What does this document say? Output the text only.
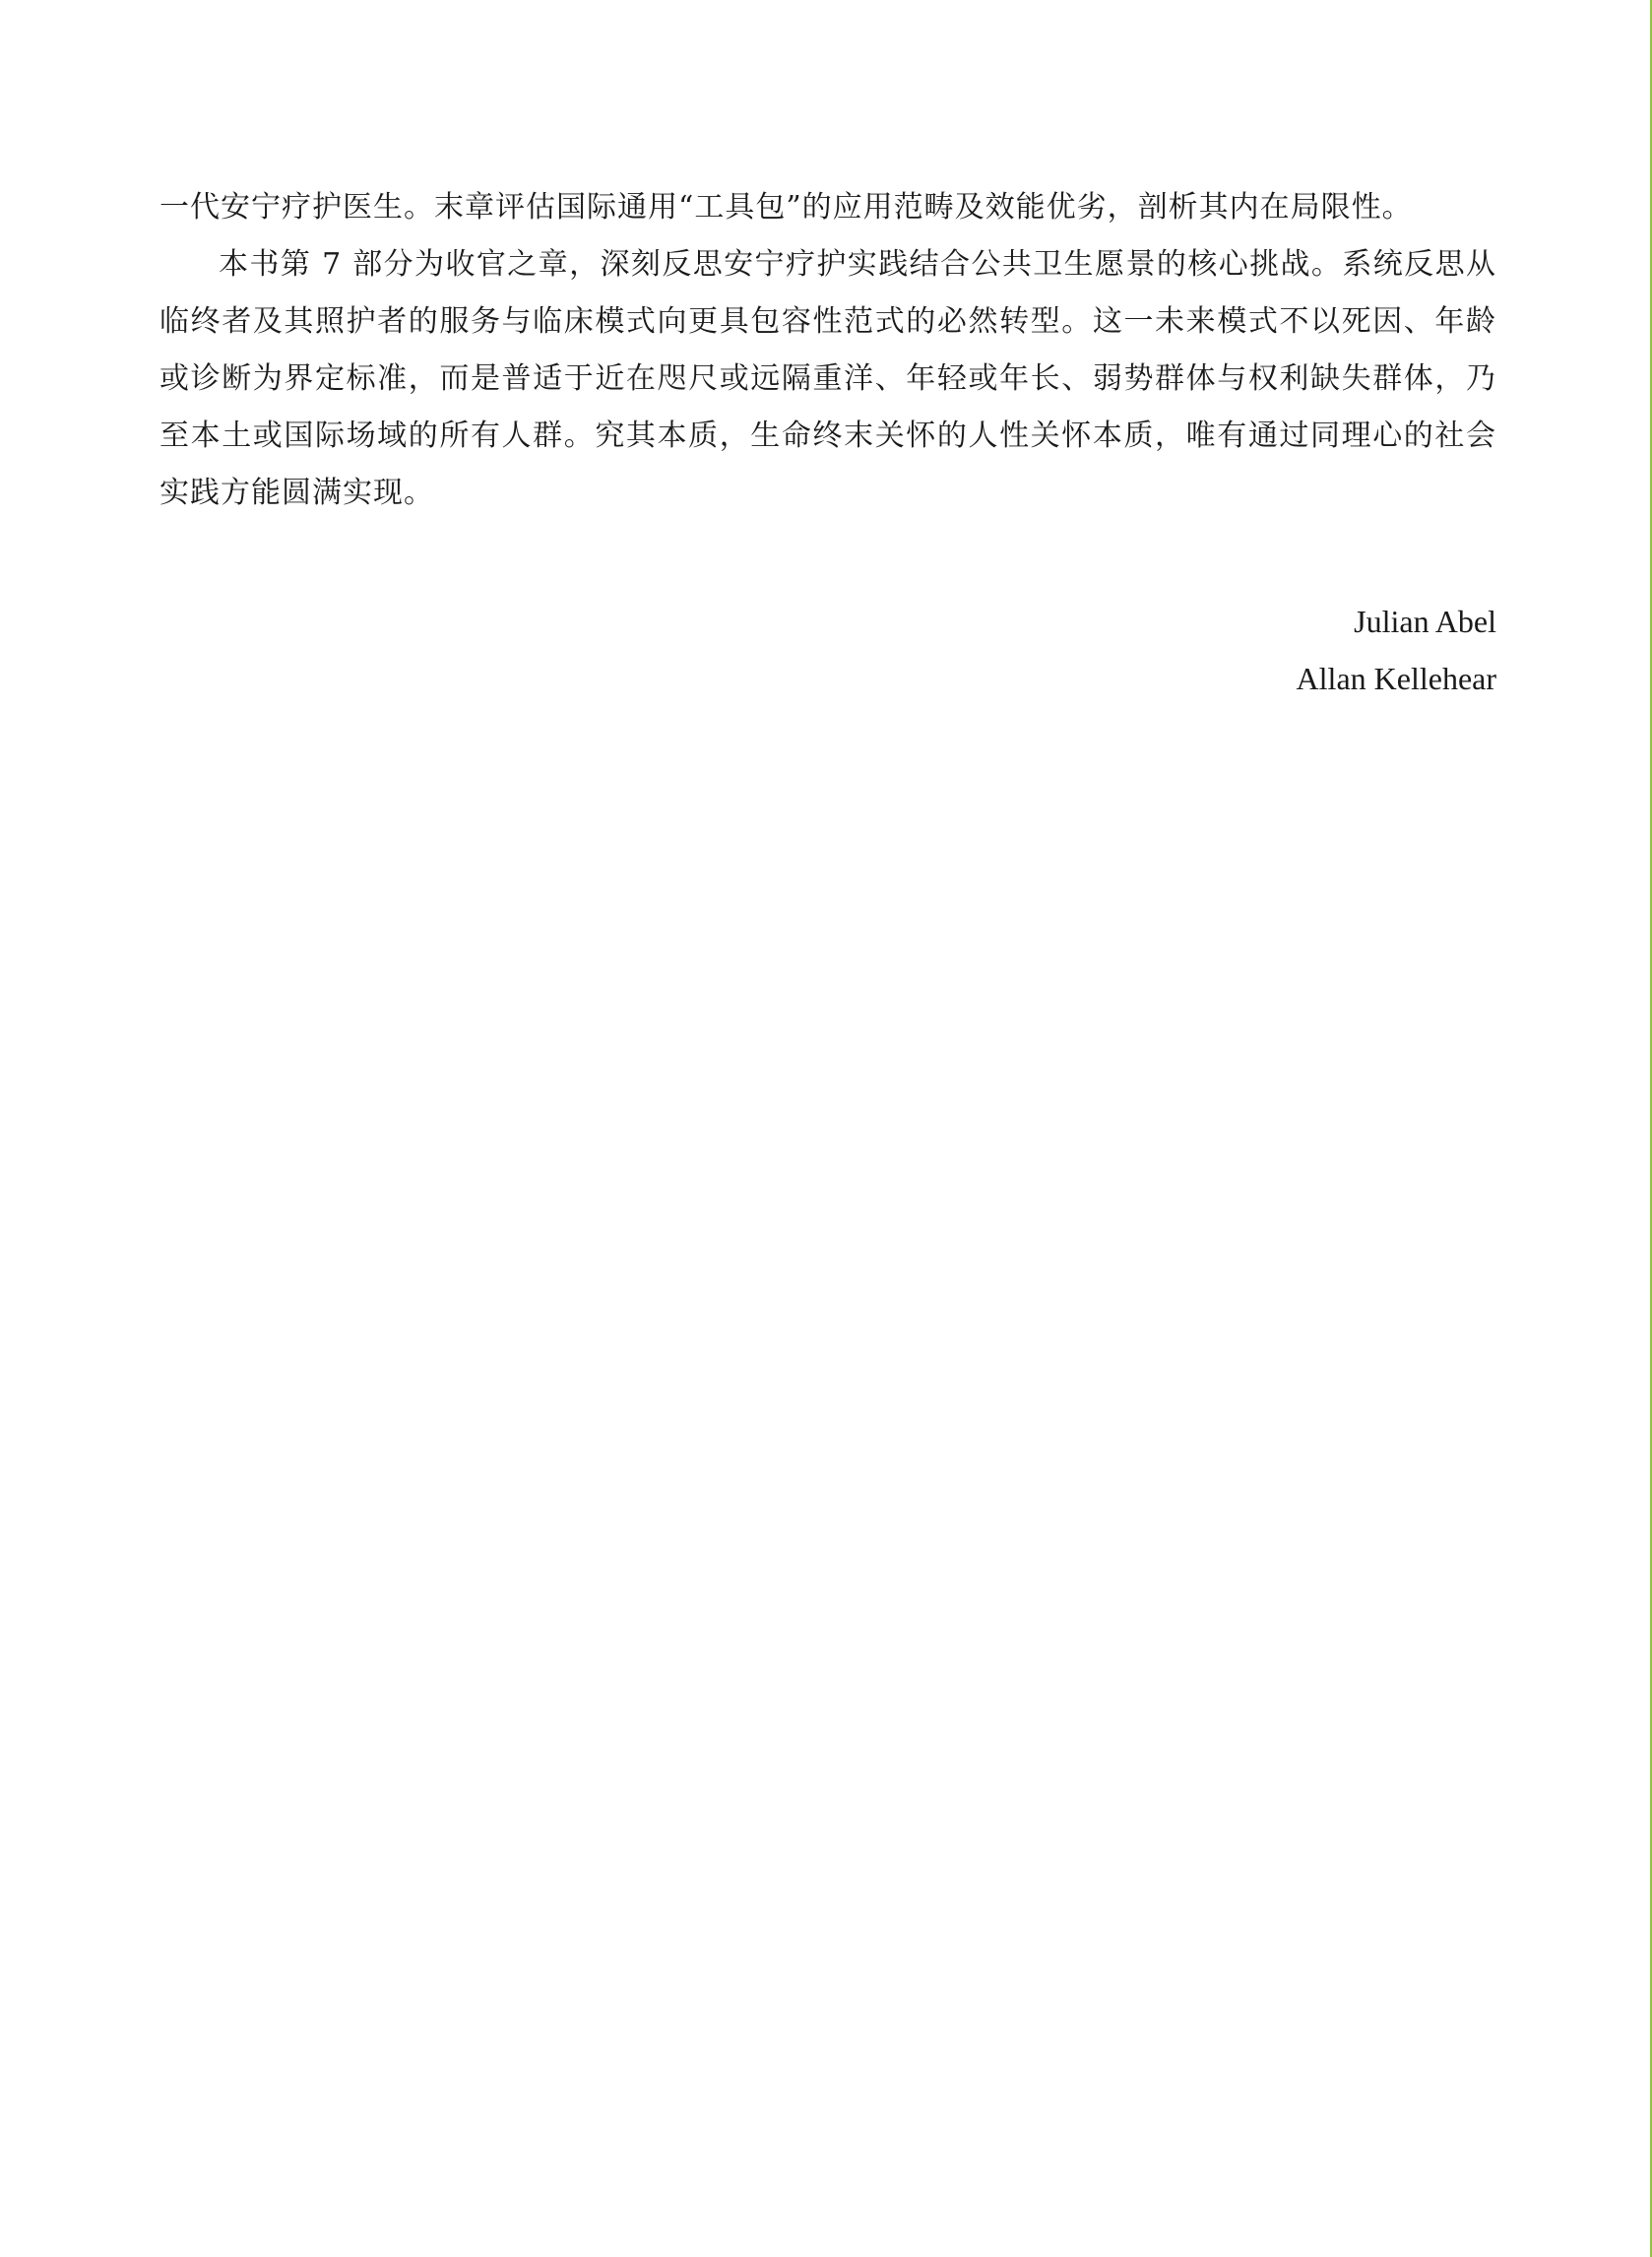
一代安宁疗护医生。末章评估国际通用“工具包”的应用范畴及效能优劣，剖析其内在局限性。

本书第 7 部分为收官之章，深刻反思安宁疗护实践结合公共卫生愿景的核心挑战。系统反思从临终者及其照护者的服务与临床模式向更具包容性范式的必然转型。这一未来模式不以死因、年龄或诊断为界定标准，而是普适于近在咫尺或远隔重洋、年轻或年长、弱势群体与权利缺失群体，乃至本土或国际场域的所有人群。究其本质，生命终末关怀的人性关怀本质，唯有通过同理心的社会实践方能圆满实现。

Julian Abel
Allan Kellehear
